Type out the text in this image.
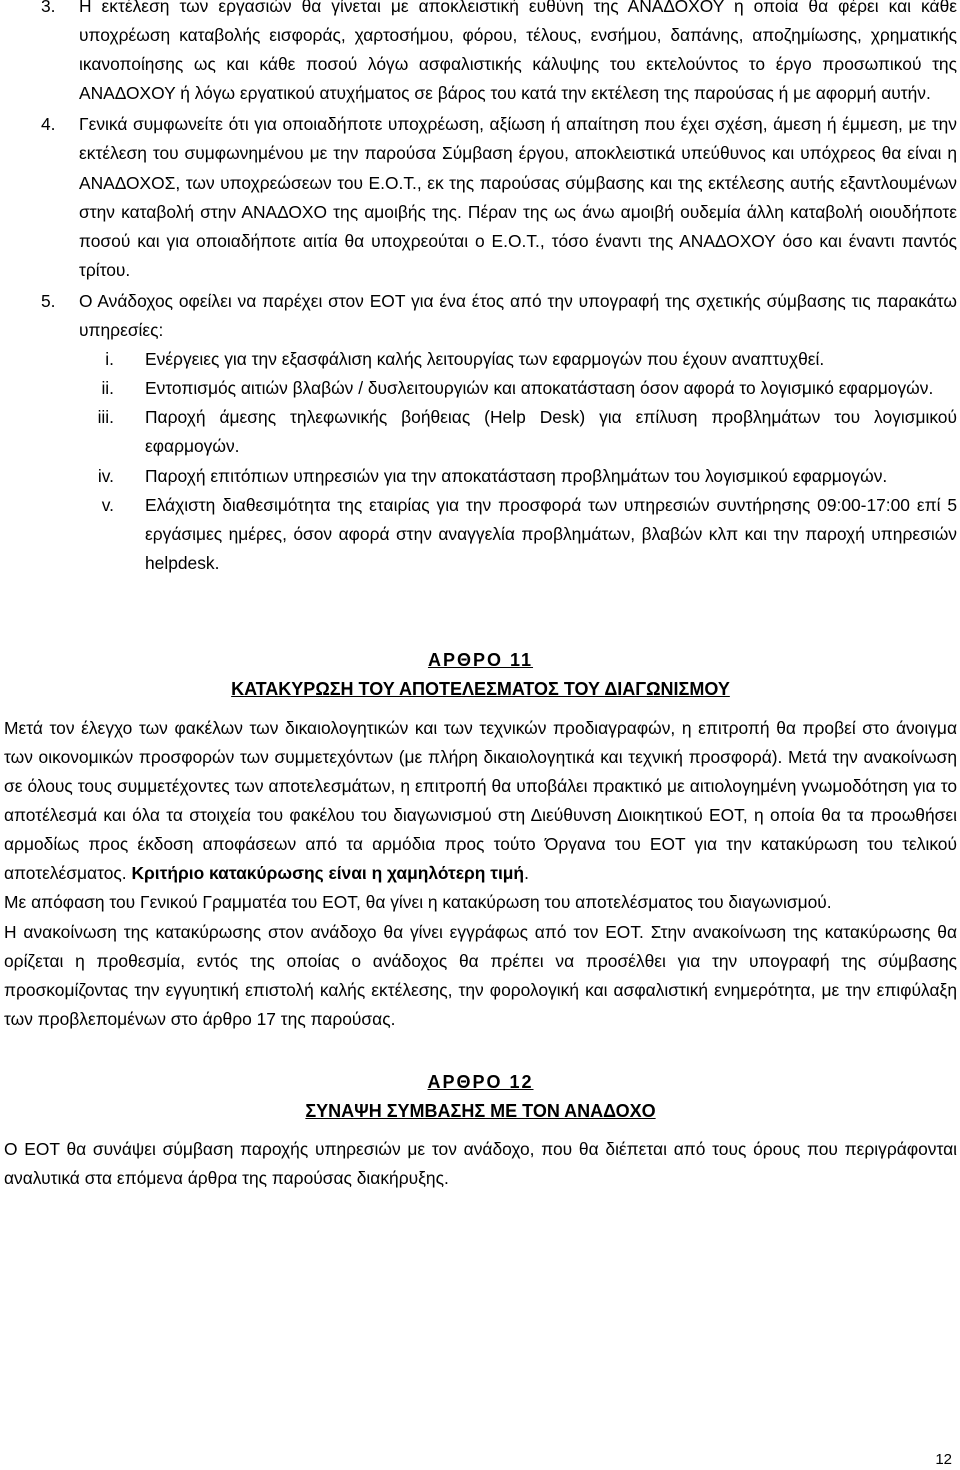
3. Η εκτέλεση των εργασιών θα γίνεται με αποκλειστική ευθύνη της ΑΝΑΔΟΧΟΥ η οποία θα φέρει και κάθε υποχρέωση καταβολής εισφοράς, χαρτοσήμου, φόρου, τέλους, ενσήμου, δαπάνης, αποζημίωσης, χρηματικής ικανοποίησης ως και κάθε ποσού λόγω ασφαλιστικής κάλυψης του εκτελούντος το έργο προσωπικού της ΑΝΑΔΟΧΟΥ ή λόγω εργατικού ατυχήματος σε βάρος του κατά την εκτέλεση της παρούσας ή με αφορμή αυτήν.
4. Γενικά συμφωνείτε ότι για οποιαδήποτε υποχρέωση, αξίωση ή απαίτηση που έχει σχέση, άμεση ή έμμεση, με την εκτέλεση του συμφωνημένου με την παρούσα Σύμβαση έργου, αποκλειστικά υπεύθυνος και υπόχρεος θα είναι η ΑΝΑΔΟΧΟΣ, των υποχρεώσεων του Ε.Ο.Τ., εκ της παρούσας σύμβασης και της εκτέλεσης αυτής εξαντλουμένων στην καταβολή στην ΑΝΑΔΟΧΟ της αμοιβής της. Πέραν της ως άνω αμοιβή ουδεμία άλλη καταβολή οιουδήποτε ποσού και για οποιαδήποτε αιτία θα υποχρεούται ο Ε.Ο.Τ., τόσο έναντι της ΑΝΑΔΟΧΟΥ όσο και έναντι παντός τρίτου.
5. Ο Ανάδοχος οφείλει να παρέχει στον ΕΟΤ για ένα έτος από την υπογραφή της σχετικής σύμβασης τις παρακάτω υπηρεσίες:
i. Ενέργειες για την εξασφάλιση καλής λειτουργίας των εφαρμογών που έχουν αναπτυχθεί.
ii. Εντοπισμός αιτιών βλαβών / δυσλειτουργιών και αποκατάσταση όσον αφορά το λογισμικό εφαρμογών.
iii. Παροχή άμεσης τηλεφωνικής βοήθειας (Help Desk) για επίλυση προβλημάτων του λογισμικού εφαρμογών.
iv. Παροχή επιτόπιων υπηρεσιών για την αποκατάσταση προβλημάτων του λογισμικού εφαρμογών.
v. Ελάχιστη διαθεσιμότητα της εταιρίας για την προσφορά των υπηρεσιών συντήρησης 09:00-17:00 επί 5 εργάσιμες ημέρες, όσον αφορά στην αναγγελία προβλημάτων, βλαβών κλπ και την παροχή υπηρεσιών helpdesk.
ΑΡΘΡΟ 11
ΚΑΤΑΚΥΡΩΣΗ ΤΟΥ ΑΠΟΤΕΛΕΣΜΑΤΟΣ ΤΟΥ ΔΙΑΓΩΝΙΣΜΟΥ

Μετά τον έλεγχο των φακέλων των δικαιολογητικών και των τεχνικών προδιαγραφών, η επιτροπή θα προβεί στο άνοιγμα των οικονομικών προσφορών των συμμετεχόντων (με πλήρη δικαιολογητικά και τεχνική προσφορά). Μετά την ανακοίνωση σε όλους τους συμμετέχοντες των αποτελεσμάτων, η επιτροπή θα υποβάλει πρακτικό με αιτιολογημένη γνωμοδότηση για το αποτέλεσμά και όλα τα στοιχεία του φακέλου του διαγωνισμού στη Διεύθυνση Διοικητικού ΕΟΤ, η οποία θα τα προωθήσει αρμοδίως προς έκδοση αποφάσεων από τα αρμόδια προς τούτο Όργανα του ΕΟΤ για την κατακύρωση του τελικού αποτελέσματος. Κριτήριο κατακύρωσης είναι η χαμηλότερη τιμή.

Με απόφαση του Γενικού Γραμματέα του ΕΟΤ, θα γίνει η κατακύρωση του αποτελέσματος του διαγωνισμού.

Η ανακοίνωση της κατακύρωσης στον ανάδοχο θα γίνει εγγράφως από τον ΕΟΤ. Στην ανακοίνωση της κατακύρωσης θα ορίζεται η προθεσμία, εντός της οποίας ο ανάδοχος θα πρέπει να προσέλθει για την υπογραφή της σύμβασης προσκομίζοντας την εγγυητική επιστολή καλής εκτέλεσης, την φορολογική και ασφαλιστική ενημερότητα, με την επιφύλαξη των προβλεπομένων στο άρθρο 17 της παρούσας.

ΑΡΘΡΟ 12
ΣΥΝΑΨΗ ΣΥΜΒΑΣΗΣ ΜΕ ΤΟΝ ΑΝΑΔΟΧΟ

Ο ΕΟΤ θα συνάψει σύμβαση παροχής υπηρεσιών με τον ανάδοχο, που θα διέπεται από τους όρους που περιγράφονται αναλυτικά στα επόμενα άρθρα της παρούσας διακήρυξης.

12
